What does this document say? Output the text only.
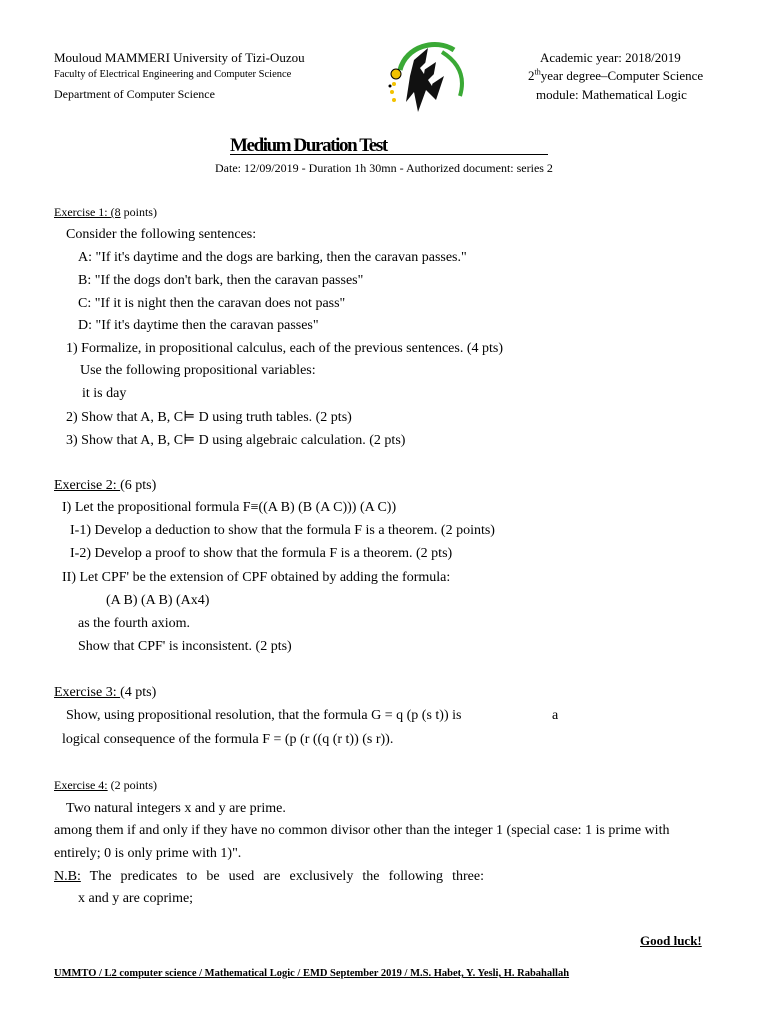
Mouloud MAMMERI University of Tizi-Ouzou
Faculty of Electrical Engineering and Computer Science
Department of Computer Science
Academic year: 2018/2019
2thyear degree–Computer Science
module: Mathematical Logic
Medium Duration Test
Date: 12/09/2019 - Duration 1h 30mn - Authorized document: series 2
Exercise 1: (8 points)
Consider the following sentences:
A: "If it's daytime and the dogs are barking, then the caravan passes."
B: "If the dogs don't bark, then the caravan passes"
C: "If it is night then the caravan does not pass"
D: "If it's daytime then the caravan passes"
1) Formalize, in propositional calculus, each of the previous sentences. (4 pts)
Use the following propositional variables:
it is day
2) Show that A, B, C⊨ D using truth tables. (2 pts)
3) Show that A, B, C⊨ D using algebraic calculation. (2 pts)
Exercise 2: (6 pts)
I) Let the propositional formula F≡((A B) (B (A C))) (A C))
I-1) Develop a deduction to show that the formula F is a theorem. (2 points)
I-2) Develop a proof to show that the formula F is a theorem. (2 pts)
II) Let CPF' be the extension of CPF obtained by adding the formula:
(A B) (A B) (Ax4)
as the fourth axiom.
Show that CPF' is inconsistent. (2 pts)
Exercise 3: (4 pts)
Show, using propositional resolution, that the formula G = q (p (s t)) is	a
logical consequence of the formula F = (p (r ((q (r t)) (s r)).
Exercise 4: (2 points)
Two natural integers x and y are prime.
among them if and only if they have no common divisor other than the integer 1 (special case: 1 is prime with
entirely; 0 is only prime with 1)".
N.B: The predicates to be used are exclusively the following three:
x and y are coprime;
Good luck!
UMMTO / L2 computer science / Mathematical Logic / EMD September 2019 / M.S. Habet, Y. Yesli, H. Rabahallah
